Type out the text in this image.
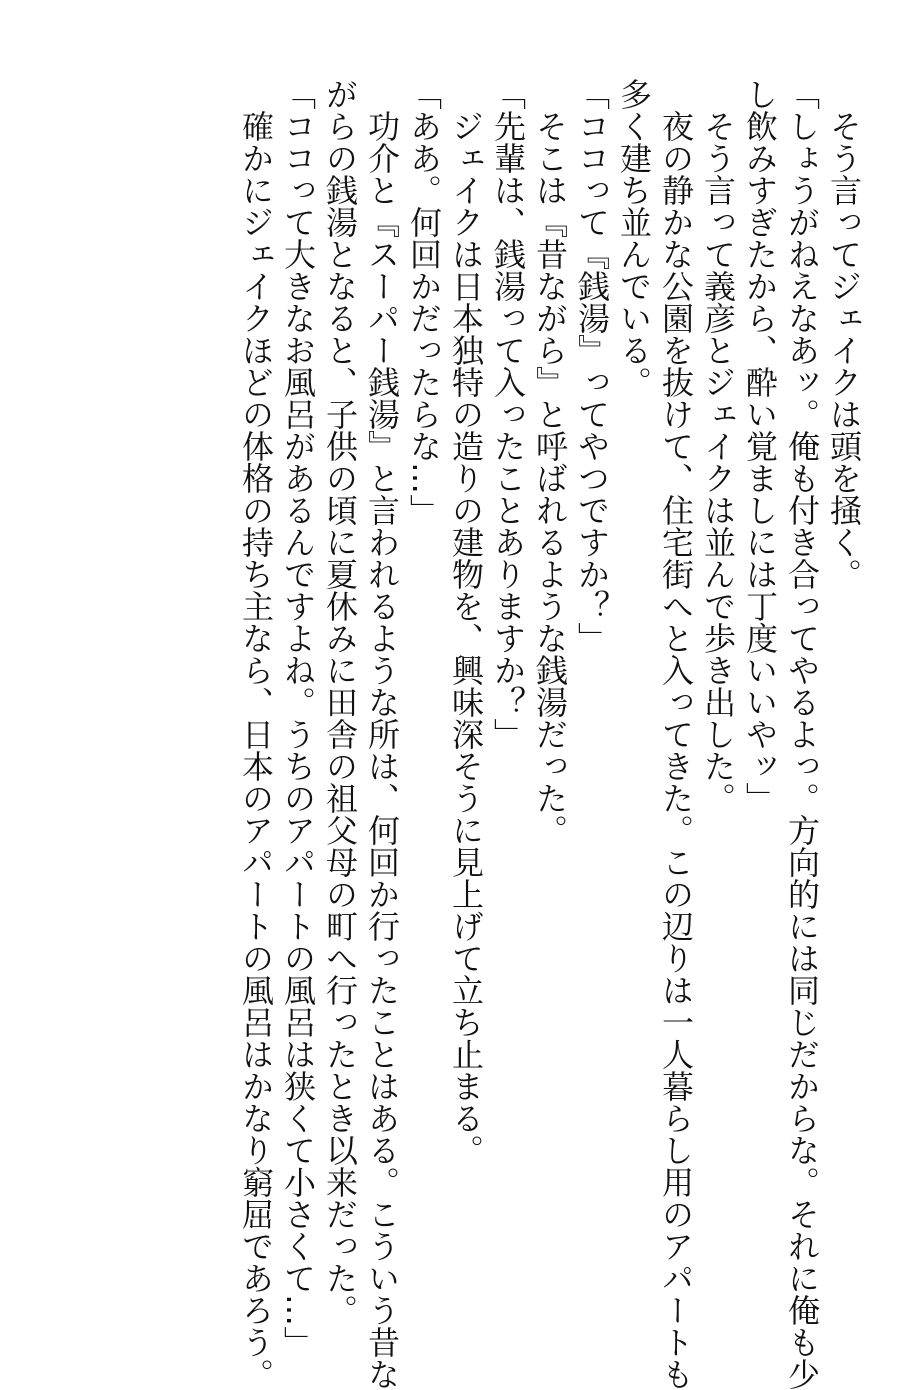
　そう言ってジェイクは頭を掻く。
「しょうがねえなあッ。俺も付き合ってやるよっ。方向的には同じだからな。それに俺も少
し飲みすぎたから、酔い覚ましには丁度いいやッ」
　そう言って義彦とジェイクは並んで歩き出した。
　夜の静かな公園を抜けて、住宅街へと入ってきた。この辺りは一人暮らし用のアパートも
多く建ち並んでいる。
「ココって『銭湯』ってやつですか？」
　そこは『昔ながら』と呼ばれるような銭湯だった。
「先輩は、銭湯って入ったことありますか？」
　ジェイクは日本独特の造りの建物を、興味深そうに見上げて立ち止まる。
「ああ。何回かだったらな…」
　功介と『スーパー銭湯』と言われるような所は、何回か行ったことはある。こういう昔な
がらの銭湯となると、子供の頃に夏休みに田舎の祖父母の町へ行ったとき以来だった。
「ココって大きなお風呂があるんですよね。うちのアパートの風呂は狭くて小さくて…」
　確かにジェイクほどの体格の持ち主なら、日本のアパートの風呂はかなり窮屈であろう。
